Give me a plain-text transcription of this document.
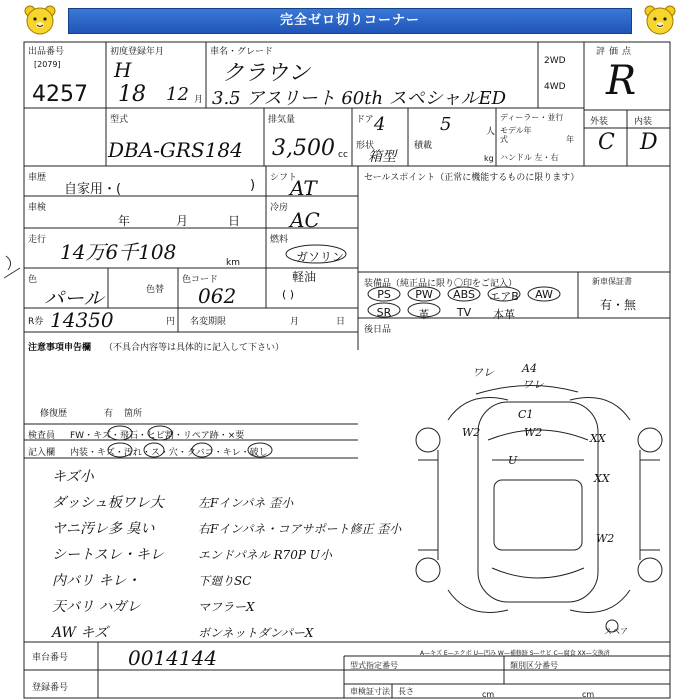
完全ゼロ切りコーナー
出品番号
[2079]
4257
初度登録年月
H
18 12 月
車名・グレード
クラウン
3.5 アスリート 60th スペシャルED
2WD
4WD
評価点
R
外装	内装
C D
型式
DBA-GRS184
排気量
3,500 cc
ドア 4	5	人
形状
箱型
積載
kg
ディーラー・並行
モデル年式	年
ハンドル 左・右
車歴
自家用・(	) シフト
AT
車検
年	月	日
冷房 AC
走行 14万6千108	km
燃料
ガソリン
軽油
( )
色
パール	色替
色コード
062
R券 14350	円 名変期限	月	日
セールスポイント（正常に機能するものに限ります）
装備品（純正品に限り〇印をご記入）
PS	PW	ABS	エアB	AW
SR	革	TV	本革
新車保証書
有・無
後日品
注意事項申告欄 （不具合内容等は具体的に記入して下さい）
修復歴	有 箇所
検査員 FW・キズ・飛石・ヒビ割・リペア跡・×要
記入欄 内装・キズ・汚れ・ス・穴・タバコ・キレ・破し
キズ小
ダッシュ板ワレ大
ヤニ汚レ多 臭い
シートスレ・キレ
内バリ キレ・
天バリ ハガレ
AW キズ
左Fインパネ 歪小
右Fインパネ・コアサポート修正 歪小
エンドパネル R70P U小
下廻りSC
マフラーX
ボンネットダンパーX
ワレ	A4
ワレ
W2	W2
C1
XX
XX
W2
U
スペア
A—キズ E—エクボ U—凹み W—補修跡 S—サビ C—腐食 XX—交換済
車台番号	0014144
登録番号
型式指定番号	類別区分番号
車検証寸法 長さ	cm	cm
